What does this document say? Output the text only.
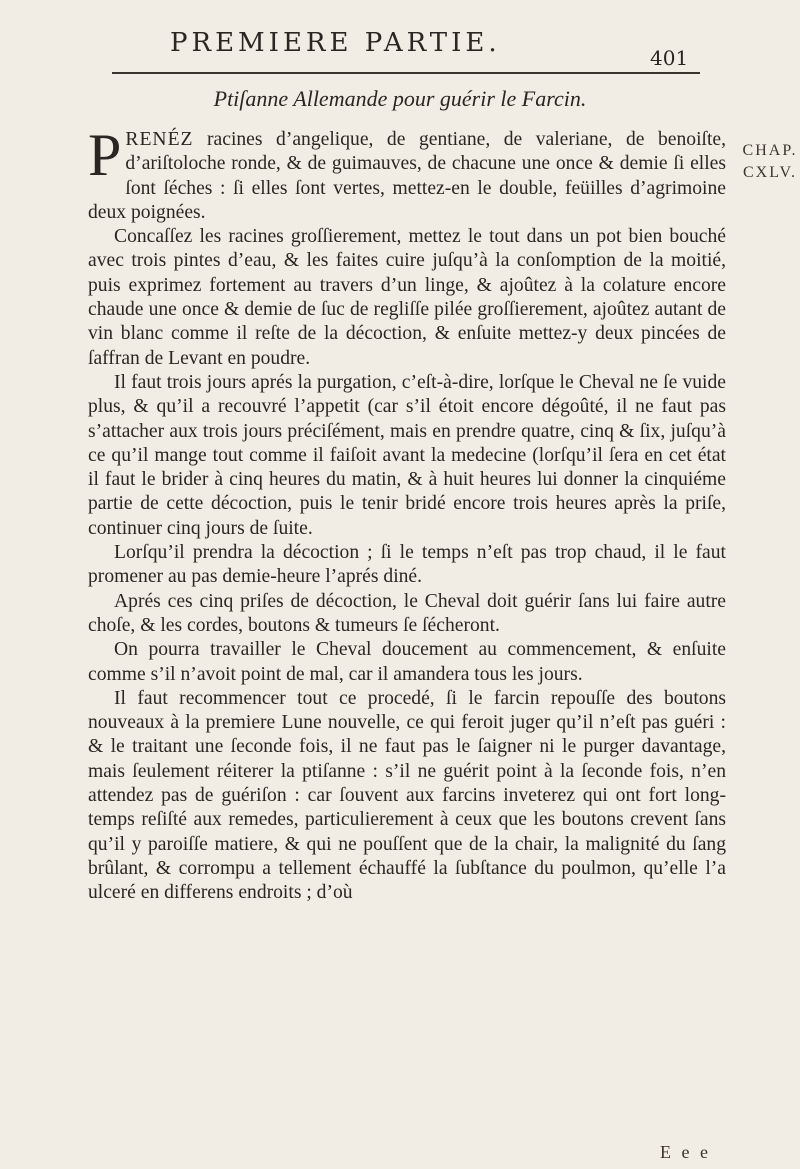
PREMIERE PARTIE.	401
Ptiſanne Allemande pour guérir le Farcin.
CHAP.
CXLV.

PRENÉZ racines d’angelique, de gentiane, de valeriane, de benoiſte, d’ariſtoloche ronde, & de guimauves, de chacune une once & demie ſi elles ſont ſéches : ſi elles ſont vertes, mettez-en le double, feüilles d’agrimoine deux poignées.

Concaſſez les racines groſſierement, mettez le tout dans un pot bien bouché avec trois pintes d’eau, & les faites cuire juſqu’à la conſomption de la moitié, puis exprimez fortement au travers d’un linge, & ajoûtez à la colature encore chaude une once & demie de ſuc de regliſſe pilée groſſierement, ajoûtez autant de vin blanc comme il reſte de la décoction, & enſuite mettez-y deux pincées de ſaffran de Levant en poudre.

Il faut trois jours aprés la purgation, c’eſt-à-dire, lorſque le Cheval ne ſe vuide plus, & qu’il a recouvré l’appetit (car s’il étoit encore dégoûté, il ne faut pas s’attacher aux trois jours préciſément, mais en prendre quatre, cinq & ſix, juſqu’à ce qu’il mange tout comme il faiſoit avant la medecine (lorſqu’il ſera en cet état il faut le brider à cinq heures du matin, & à huit heures lui donner la cinquiéme partie de cette décoction, puis le tenir bridé encore trois heures après la priſe, continuer cinq jours de ſuite.

Lorſqu’il prendra la décoction ; ſi le temps n’eſt pas trop chaud, il le faut promener au pas demie-heure l’aprés diné.

Aprés ces cinq priſes de décoction, le Cheval doit guérir ſans lui faire autre choſe, & les cordes, boutons & tumeurs ſe ſécheront.

On pourra travailler le Cheval doucement au commencement, & enſuite comme s’il n’avoit point de mal, car il amandera tous les jours.

Il faut recommencer tout ce procedé, ſi le farcin repouſſe des boutons nouveaux à la premiere Lune nouvelle, ce qui feroit juger qu’il n’eſt pas guéri : & le traitant une ſeconde fois, il ne faut pas le ſaigner ni le purger davantage, mais ſeulement réiterer la ptiſanne : s’il ne guérit point à la ſeconde fois, n’en attendez pas de guériſon : car ſouvent aux farcins inveterez qui ont fort long-temps reſiſté aux remedes, particulierement à ceux que les boutons crevent ſans qu’il y paroiſſe matiere, & qui ne pouſſent que de la chair, la malignité du ſang brûlant, & corrompu a tellement échauffé la ſubſtance du poulmon, qu’elle l’a ulceré en differens endroits ; d’où

E e e
